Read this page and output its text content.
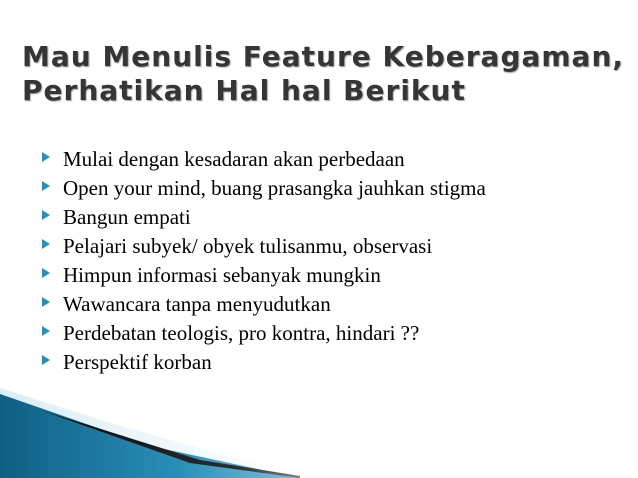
Mau Menulis Feature Keberagaman,
Perhatikan Hal hal Berikut
Mulai dengan kesadaran akan perbedaan
Open your mind, buang prasangka jauhkan stigma
Bangun empati
Pelajari subyek/ obyek tulisanmu, observasi
Himpun informasi sebanyak mungkin
Wawancara tanpa menyudutkan
Perdebatan teologis, pro kontra, hindari ??
Perspektif korban
